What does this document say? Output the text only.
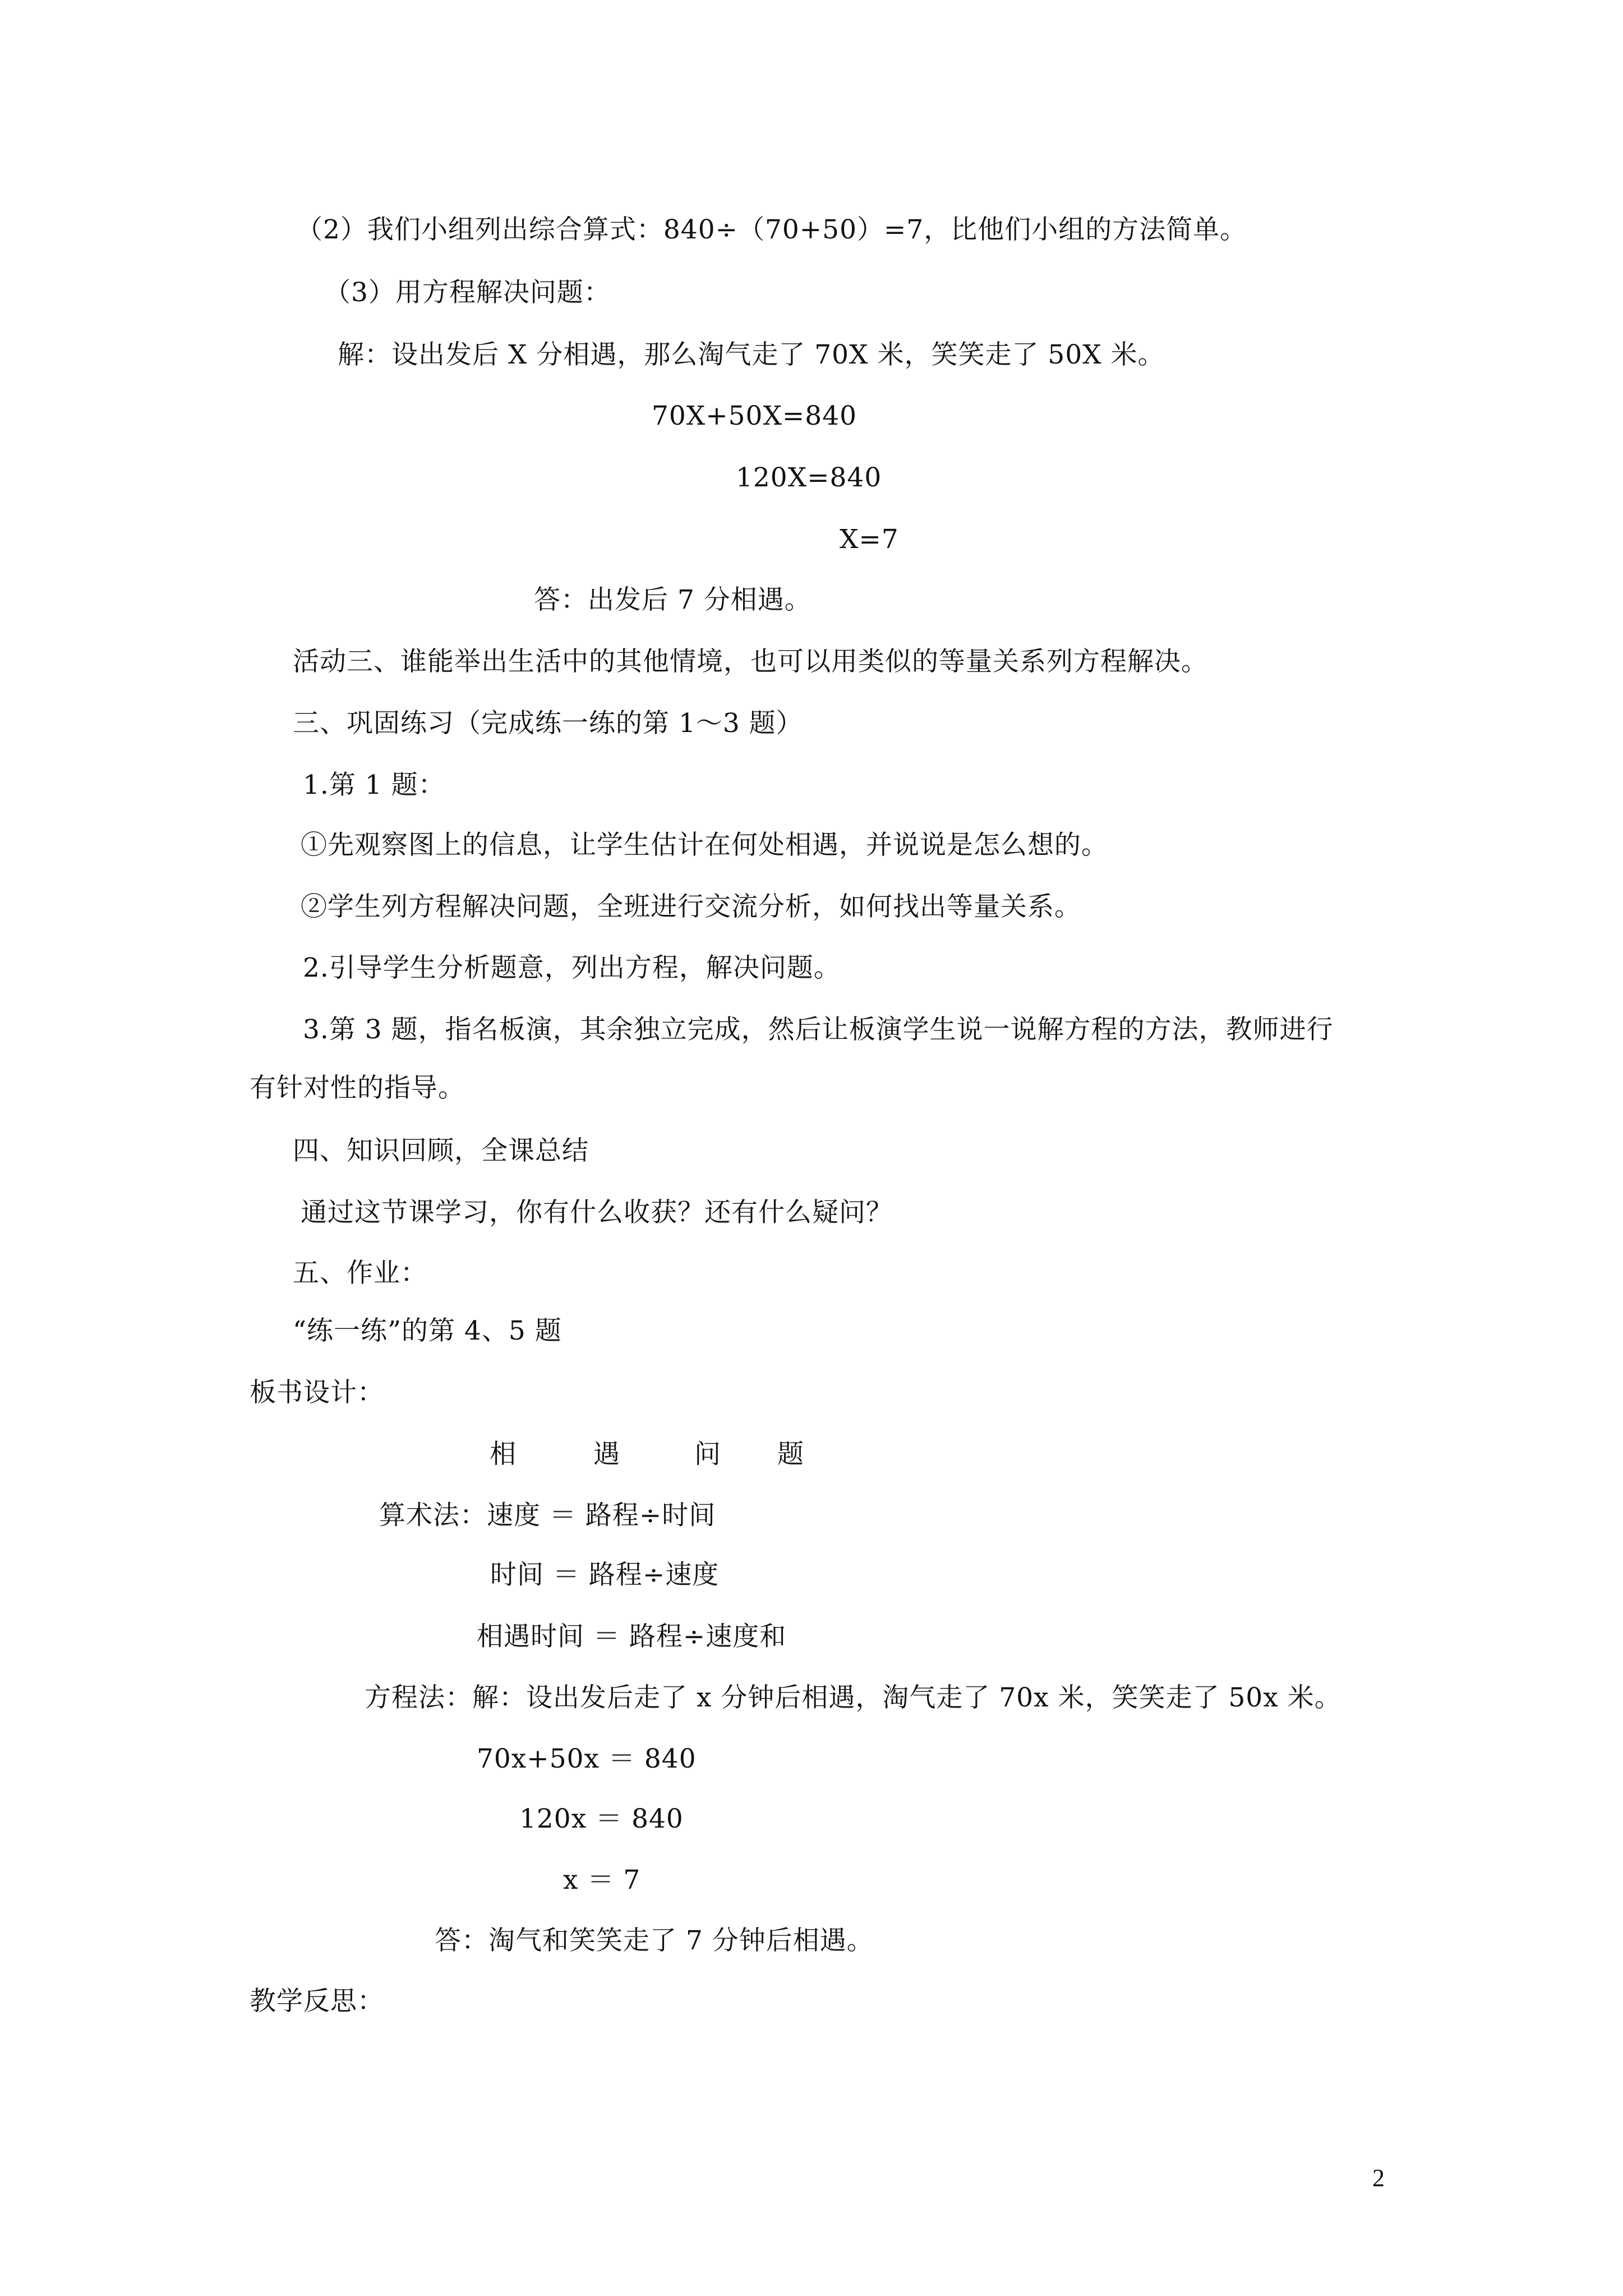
（2）我们小组列出综合算式：840÷（70+50）=7，比他们小组的方法简单。
（3）用方程解决问题：
解：设出发后 X 分相遇，那么淘气走了 70X 米，笑笑走了 50X 米。
70X+50X=840
120X=840
X=7
答：出发后 7 分相遇。
活动三、谁能举出生活中的其他情境，也可以用类似的等量关系列方程解决。
三、巩固练习（完成练一练的第 1～3 题）
1.第 1 题：
①先观察图上的信息，让学生估计在何处相遇，并说说是怎么想的。
②学生列方程解决问题，全班进行交流分析，如何找出等量关系。
2.引导学生分析题意，列出方程，解决问题。
3.第 3 题，指名板演，其余独立完成，然后让板演学生说一说解方程的方法，教师进行
有针对性的指导。
四、知识回顾，全课总结
通过这节课学习，你有什么收获？还有什么疑问？
五、作业：
“练一练”的第 4、5 题
板书设计：
相	遇	问 题
算术法：速度 ＝ 路程÷时间
时间 ＝ 路程÷速度
相遇时间 ＝ 路程÷速度和
方程法：解：设出发后走了 x 分钟后相遇，淘气走了 70x 米，笑笑走了 50x 米。
70x+50x ＝ 840
120x ＝ 840
x ＝ 7
答：淘气和笑笑走了 7 分钟后相遇。
教学反思：
2
